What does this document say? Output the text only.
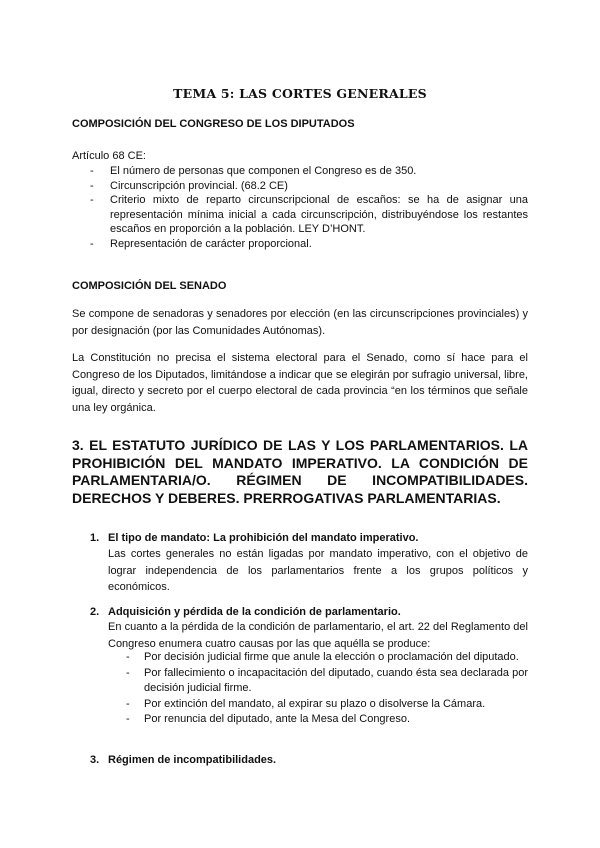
TEMA 5: LAS CORTES GENERALES
COMPOSICIÓN DEL CONGRESO DE LOS DIPUTADOS
Artículo 68 CE:
- El número de personas que componen el Congreso es de 350.
- Circunscripción provincial. (68.2 CE)
- Criterio mixto de reparto circunscripcional de escaños: se ha de asignar una representación mínima inicial a cada circunscripción, distribuyéndose los restantes escaños en proporción a la población. LEY D’HONT.
- Representación de carácter proporcional.
COMPOSICIÓN DEL SENADO
Se compone de senadoras y senadores por elección (en las circunscripciones provinciales) y por designación (por las Comunidades Autónomas).
La Constitución no precisa el sistema electoral para el Senado, como sí hace para el Congreso de los Diputados, limitándose a indicar que se elegirán por sufragio universal, libre, igual, directo y secreto por el cuerpo electoral de cada provincia “en los términos que señale una ley orgánica.
3. EL ESTATUTO JURÍDICO DE LAS Y LOS PARLAMENTARIOS. LA PROHIBICIÓN DEL MANDATO IMPERATIVO. LA CONDICIÓN DE PARLAMENTARIA/O. RÉGIMEN DE INCOMPATIBILIDADES. DERECHOS Y DEBERES. PRERROGATIVAS PARLAMENTARIAS.
1. El tipo de mandato: La prohibición del mandato imperativo.
Las cortes generales no están ligadas por mandato imperativo, con el objetivo de lograr independencia de los parlamentarios frente a los grupos políticos y económicos.
2. Adquisición y pérdida de la condición de parlamentario.
En cuanto a la pérdida de la condición de parlamentario, el art. 22 del Reglamento del Congreso enumera cuatro causas por las que aquélla se produce:
- Por decisión judicial firme que anule la elección o proclamación del diputado.
- Por fallecimiento o incapacitación del diputado, cuando ésta sea declarada por decisión judicial firme.
- Por extinción del mandato, al expirar su plazo o disolverse la Cámara.
- Por renuncia del diputado, ante la Mesa del Congreso.
3. Régimen de incompatibilidades.
